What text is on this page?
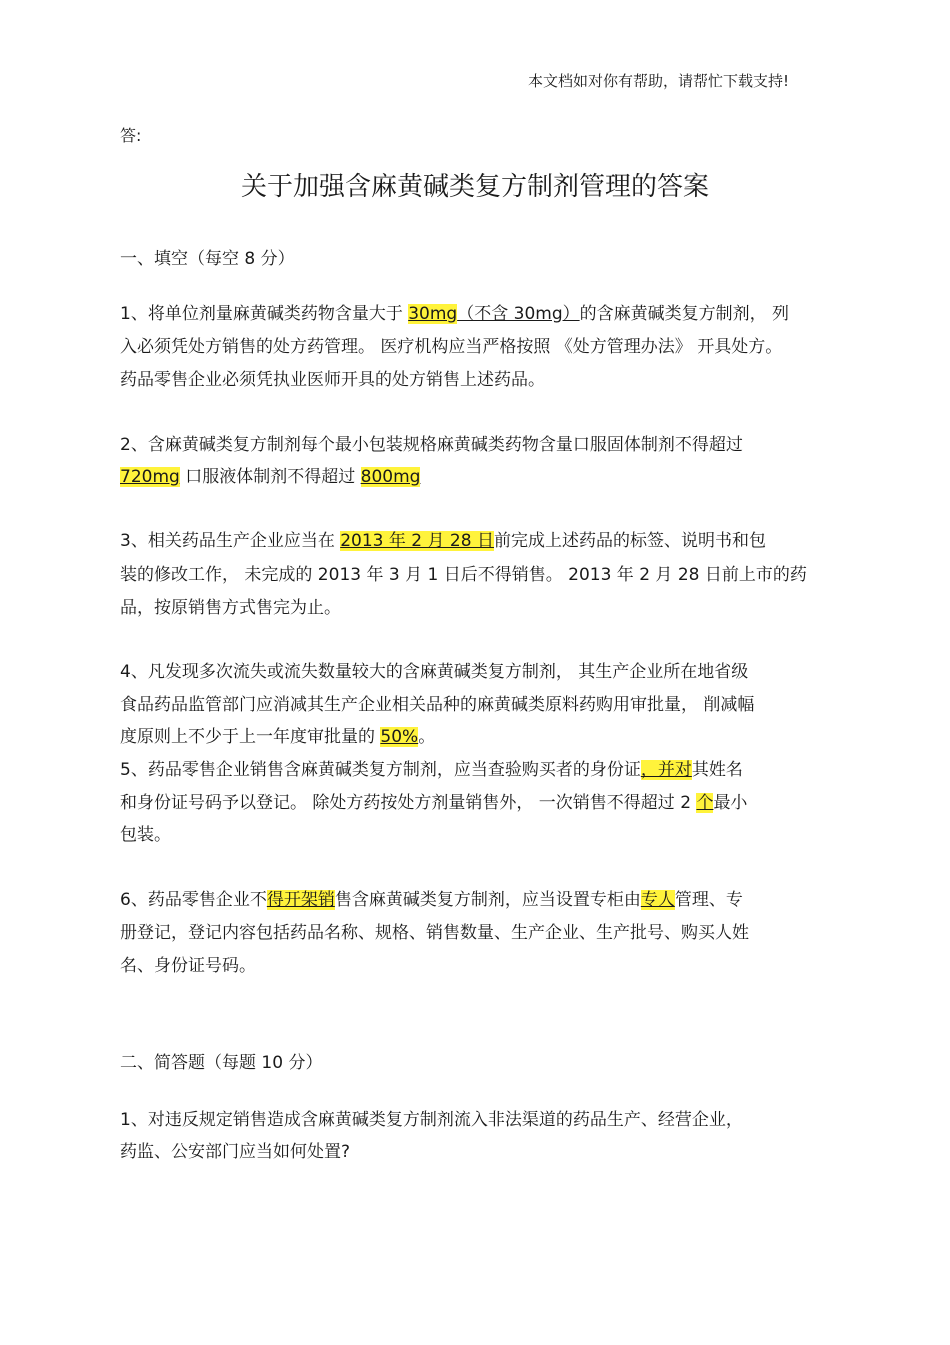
本文档如对你有帮助，请帮忙下载支持!
答:
关于加强含麻黄碱类复方制剂管理的答案
一、填空（每空 8 分）
1、将单位剂量麻黄碱类药物含量大于 30mg（不含 30mg）的含麻黄碱类复方制剂， 列
入必须凭处方销售的处方药管理。 医疗机构应当严格按照 《处方管理办法》 开具处方。
药品零售企业必须凭执业医师开具的处方销售上述药品。
2、含麻黄碱类复方制剂每个最小包装规格麻黄碱类药物含量口服固体制剂不得超过
720mg 口服液体制剂不得超过 800mg
3、相关药品生产企业应当在 2013 年 2 月 28 日前完成上述药品的标签、说明书和包
装的修改工作， 未完成的 2013 年 3 月 1 日后不得销售。 2013 年 2 月 28 日前上市的药
品，按原销售方式售完为止。
4、凡发现多次流失或流失数量较大的含麻黄碱类复方制剂， 其生产企业所在地省级
食品药品监管部门应消减其生产企业相关品种的麻黄碱类原料药购用审批量， 削减幅
度原则上不少于上一年度审批量的 50%。
5、药品零售企业销售含麻黄碱类复方制剂，应当查验购买者的身份证，并对其姓名
和身份证号码予以登记。 除处方药按处方剂量销售外， 一次销售不得超过 2 个最小
包装。
6、药品零售企业不得开架销售含麻黄碱类复方制剂，应当设置专柜由专人管理、专
册登记，登记内容包括药品名称、规格、销售数量、生产企业、生产批号、购买人姓
名、身份证号码。
二、简答题（每题 10 分）
1、对违反规定销售造成含麻黄碱类复方制剂流入非法渠道的药品生产、经营企业，
药监、公安部门应当如何处置?
